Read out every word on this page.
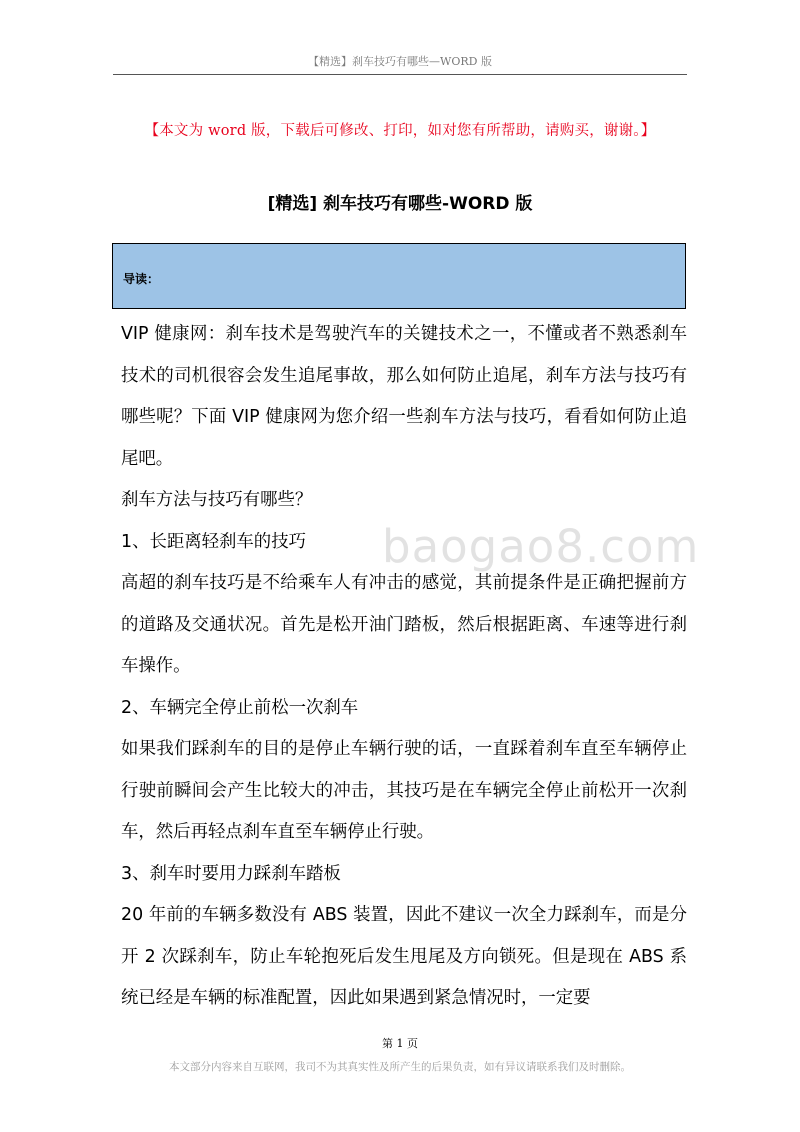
【精选】刹车技巧有哪些—WORD 版
【本文为 word 版，下载后可修改、打印，如对您有所帮助，请购买，谢谢。】
[精选] 刹车技巧有哪些-WORD 版
导读：

VIP 健康网：刹车技术是驾驶汽车的关键技术之一，不懂或者不熟悉刹车技术的司机很容会发生追尾事故，那么如何防止追尾，刹车方法与技巧有哪些呢？下面 VIP 健康网为您介绍一些刹车方法与技巧，看看如何防止追尾吧。

刹车方法与技巧有哪些？

1、长距离轻刹车的技巧

高超的刹车技巧是不给乘车人有冲击的感觉，其前提条件是正确把握前方的道路及交通状况。首先是松开油门踏板，然后根据距离、车速等进行刹车操作。

2、车辆完全停止前松一次刹车

如果我们踩刹车的目的是停止车辆行驶的话，一直踩着刹车直至车辆停止行驶前瞬间会产生比较大的冲击，其技巧是在车辆完全停止前松开一次刹车，然后再轻点刹车直至车辆停止行驶。

3、刹车时要用力踩刹车踏板

20 年前的车辆多数没有 ABS 装置，因此不建议一次全力踩刹车，而是分开 2 次踩刹车，防止车轮抱死后发生甩尾及方向锁死。但是现在 ABS 系统已经是车辆的标准配置，因此如果遇到紧急情况时，一定要

baogao8.com
第 1 页
本文部分内容来自互联网，我司不为其真实性及所产生的后果负责，如有异议请联系我们及时删除。
